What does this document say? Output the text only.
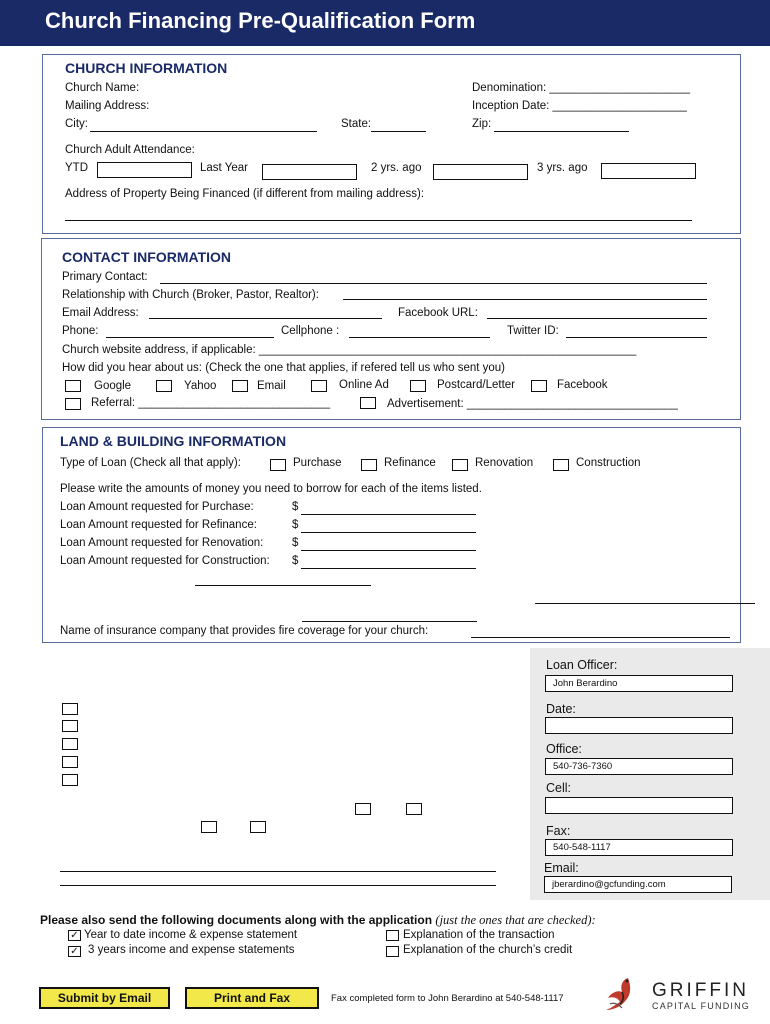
Church Financing Pre-Qualification Form
CHURCH INFORMATION
Church Name:
Mailing Address:
City:	State:
Denomination: ______________________
Inception Date: _____________________
Zip:
Church Adult Attendance:
YTD	Last Year	2 yrs. ago	3 yrs. ago
Address of Property Being Financed (if different from mailing address):
CONTACT INFORMATION
Primary Contact:
Relationship with Church (Broker, Pastor, Realtor):
Email Address:	Facebook URL:
Phone:	Cellphone :	Twitter ID:
Church website address, if applicable: ___________________________________________________________
How did you hear about us: (Check the one that applies, if refered tell us who sent you)
Google	Yahoo	Email	Online Ad	Postcard/Letter	Facebook
Referral: ______________________________	Advertisement: _________________________________
LAND & BUILDING INFORMATION
Type of Loan (Check all that apply):	Purchase	Refinance	Renovation	Construction
Please write the amounts of money you need to borrow for each of the items listed.
Loan Amount requested for Purchase:	$
Loan Amount requested for Refinance:	$
Loan Amount requested for Renovation: $
Loan Amount requested for Construction: $
Name of insurance company that provides fire coverage for your church:
Loan Officer:
John Berardino
Date:
Office:
540-736-7360
Cell:
Fax:
540-548-1117
Email:
jberardino@gcfunding.com
Please also send the following documents along with the application (just the ones that are checked):
✓ Year to date income & expense statement
✓ 3 years income and expense statements
Explanation of the transaction
Explanation of the church’s credit
Submit by Email	Print and Fax	Fax completed form to John Berardino at 540-548-1117	GRIFFIN
CAPITAL FUNDING
